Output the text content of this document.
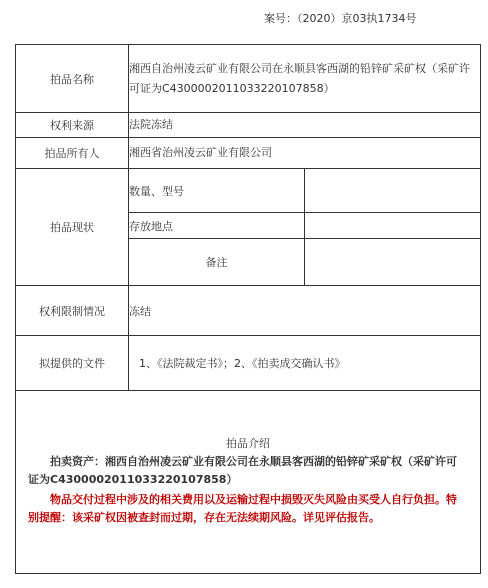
案号：（2020）京03执1734号
拍品名称	湘西自治州凌云矿业有限公司在永顺县客西湖的铅锌矿采矿权（采矿许可证为C4300002011033220107858）	
权利来源	法院冻结	
拍品所有人	湘西省治州凌云矿业有限公司	
拍品现状	数量、型号	
	存放地点	
	备注	
权利限制情况	冻结	
拟提供的文件	1、《法院裁定书》；2、《拍卖成交确认书》	

拍品介绍
拍卖资产：湘西自治州凌云矿业有限公司在永顺县客西湖的铅锌矿采矿权（采矿许可证为C4300002011033220107858）
物品交付过程中涉及的相关费用以及运输过程中损毁灭失风险由买受人自行负担。特别提醒：该采矿权因被查封而过期，存在无法续期风险。详见评估报告。		
